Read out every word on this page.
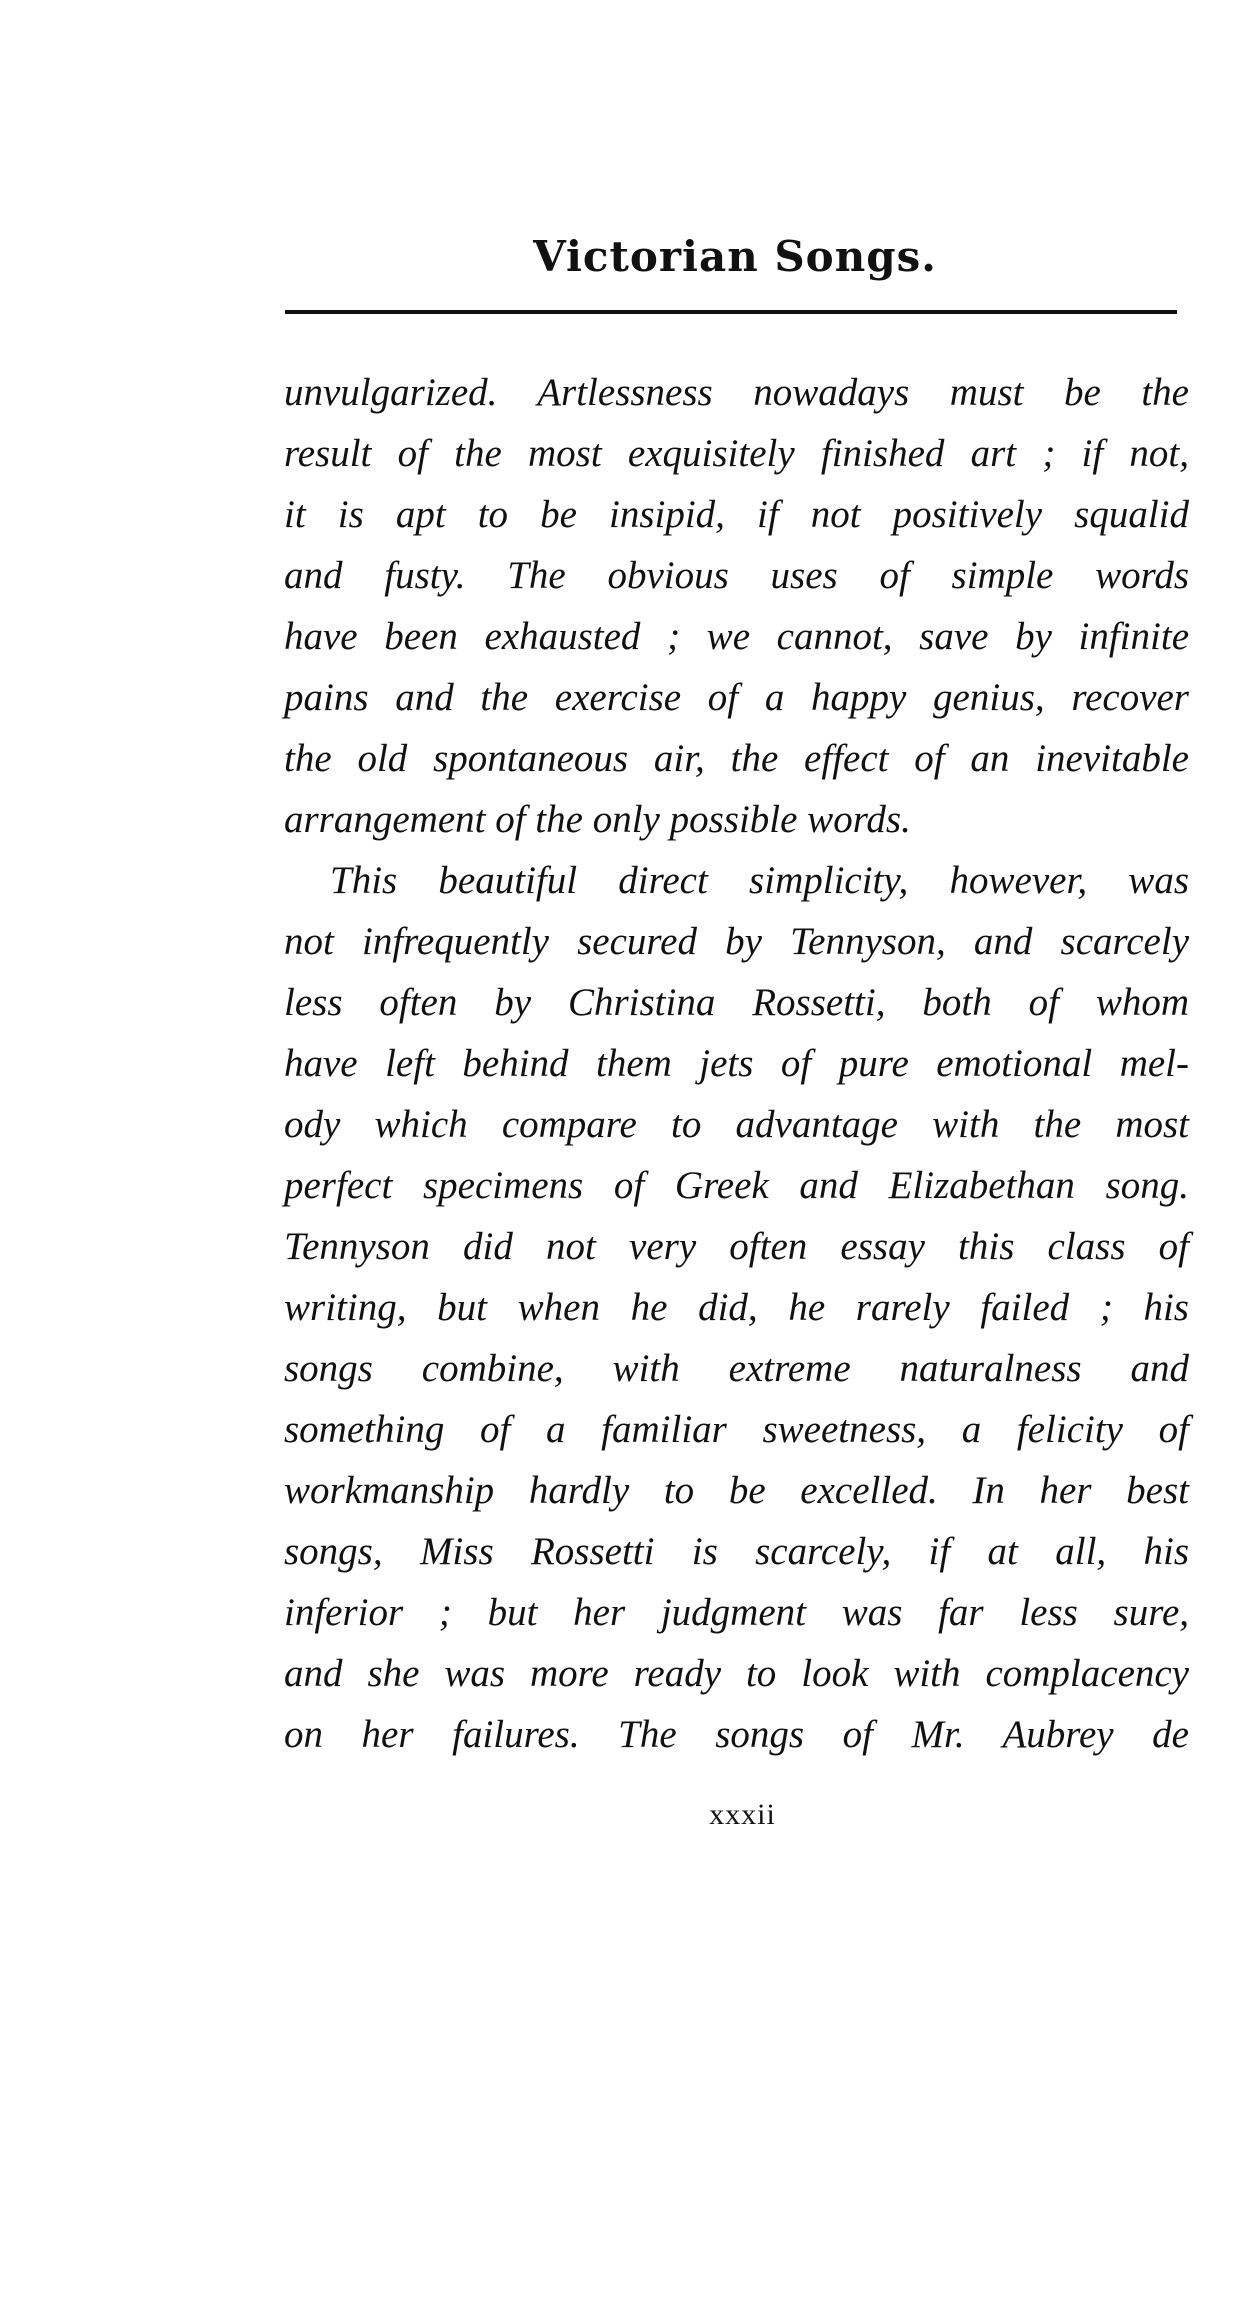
Victorian Songs.
unvulgarized. Artlessness nowadays must be the
result of the most exquisitely finished art ; if not,
it is apt to be insipid, if not positively squalid
and fusty. The obvious uses of simple words
have been exhausted ; we cannot, save by infinite
pains and the exercise of a happy genius, recover
the old spontaneous air, the effect of an inevitable
arrangement of the only possible words.
This beautiful direct simplicity, however, was
not infrequently secured by Tennyson, and scarcely
less often by Christina Rossetti, both of whom
have left behind them jets of pure emotional mel-
ody which compare to advantage with the most
perfect specimens of Greek and Elizabethan song.
Tennyson did not very often essay this class of
writing, but when he did, he rarely failed ; his
songs combine, with extreme naturalness and
something of a familiar sweetness, a felicity of
workmanship hardly to be excelled. In her best
songs, Miss Rossetti is scarcely, if at all, his
inferior ; but her judgment was far less sure,
and she was more ready to look with complacency
on her failures. The songs of Mr. Aubrey de
xxxii
